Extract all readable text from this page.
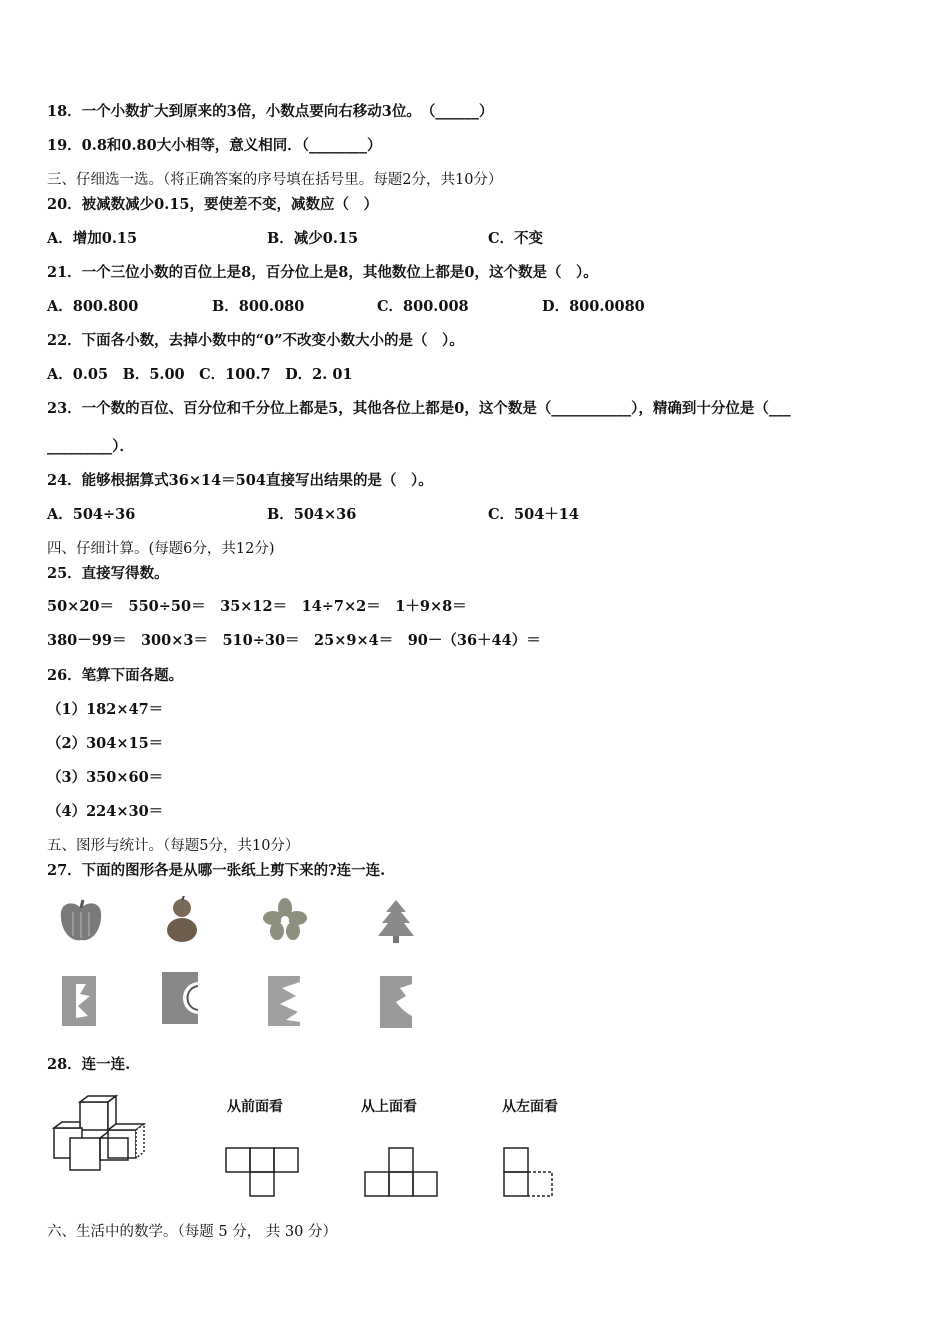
18．一个小数扩大到原来的3倍，小数点要向右移动3位。　（______）
19．0.8和0.80大小相等，意义相同．（________）
三、仔细选一选。（将正确答案的序号填在括号里。每题2分，共10分）
20．被减数减少0.15，要使差不变，减数应（　）
A．增加0.15	B．减少0.15	C．不变
21．一个三位小数的百位上是8，百分位上是8，其他数位上都是0，这个数是（　）。
A．800.800	B．800.080	C．800.008	D．800.0080
22．下面各小数，去掉小数中的“0”不改变小数大小的是（　）。
A．0.05　B．5.00　C．100.7　D．2. 01
23．一个数的百位、百分位和千分位上都是5，其他各位上都是0，这个数是（___________），精确到十分位是（___
_________）．
24．能够根据算式36×14＝504直接写出结果的是（　）。
A．504÷36	B．504×36	C．504＋14
四、仔细计算。(每题6分，共12分)
25．直接写得数。
50×20＝　550÷50＝　35×12＝　14÷7×2＝　1＋9×8＝
380－99＝　300×3＝　510÷30＝　25×9×4＝　90－（36＋44）＝
26．笔算下面各题。
（1）182×47＝
（2）304×15＝
（3）350×60＝
（4）224×30＝
五、图形与统计。（每题5分，共10分）
27．下面的图形各是从哪一张纸上剪下来的?连一连.
28．连一连.
从前面看	从上面看	从左面看
六、生活中的数学。（每题 5 分， 共 30 分）
